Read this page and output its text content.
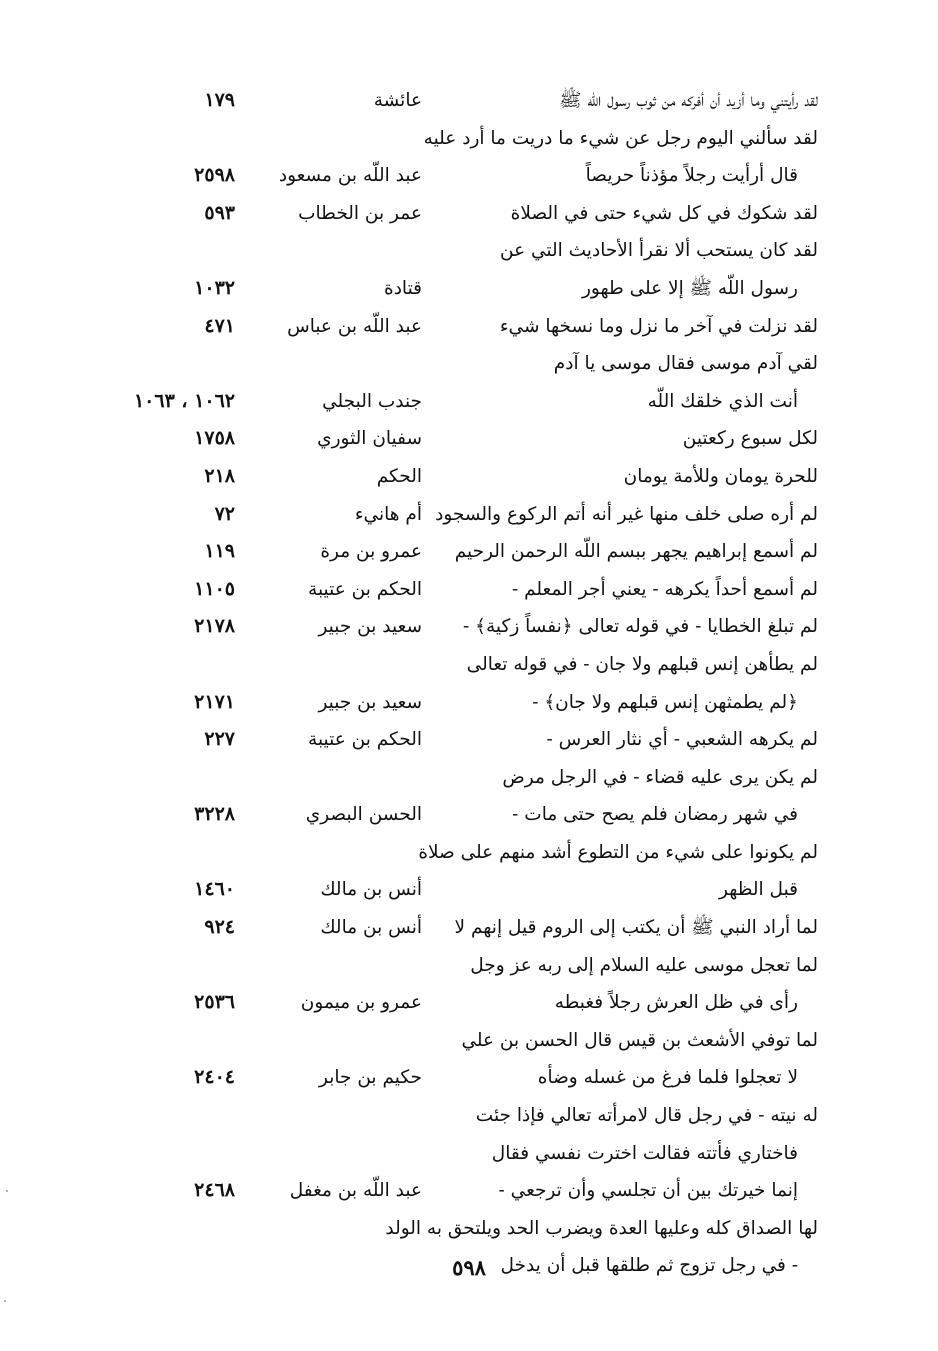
لقد رأيتني وما أزيد أن أفركه من ثوب رسول اللّه ﷺ
عائشة
١٧٩
لقد سألني اليوم رجل عن شيء ما دريت ما أرد عليه
قال أرأيت رجلاً مؤذناً حريصاً
عبد اللّه بن مسعود
٢٥٩٨
لقد شكوك في كل شيء حتى في الصلاة
عمر بن الخطاب
٥٩٣
لقد كان يستحب ألا نقرأ الأحاديث التي عن
رسول اللّه ﷺ إلا على طهور
قتادة
١٠٣٢
لقد نزلت في آخر ما نزل وما نسخها شيء
عبد اللّه بن عباس
٤٧١
لقي آدم موسى فقال موسى يا آدم
أنت الذي خلقك اللّه
جندب البجلي
١٠٦٢ ، ١٠٦٣
لكل سبوع ركعتين
سفيان الثوري
١٧٥٨
للحرة يومان وللأمة يومان
الحكم
٢١٨
لم أره صلى خلف منها غير أنه أتم الركوع والسجود
أم هانيء
٧٢
لم أسمع إبراهيم يجهر ببسم اللّه الرحمن الرحيم
عمرو بن مرة
١١٩
لم أسمع أحداً يكرهه - يعني أجر المعلم -
الحكم بن عتيبة
١١٠٥
لم تبلغ الخطايا - في قوله تعالى ﴿نفساً زكية﴾ -
سعيد بن جبير
٢١٧٨
لم يطأهن إنس قبلهم ولا جان - في قوله تعالى
﴿لم يطمثهن إنس قبلهم ولا جان﴾ -
سعيد بن جبير
٢١٧١
لم يكرهه الشعبي - أي نثار العرس -
الحكم بن عتيبة
٢٢٧
لم يكن يرى عليه قضاء - في الرجل مرض
في شهر رمضان فلم يصح حتى مات -
الحسن البصري
٣٢٢٨
لم يكونوا على شيء من التطوع أشد منهم على صلاة
قبل الظهر
أنس بن مالك
١٤٦٠
لما أراد النبي ﷺ أن يكتب إلى الروم قيل إنهم لا
أنس بن مالك
٩٢٤
لما تعجل موسى عليه السلام إلى ربه عز وجل
رأى في ظل العرش رجلاً فغبطه
عمرو بن ميمون
٢٥٣٦
لما توفي الأشعث بن قيس قال الحسن بن علي
لا تعجلوا فلما فرغ من غسله وضأه
حكيم بن جابر
٢٤٠٤
له نيته - في رجل قال لامرأته تعالي فإذا جئت
فاختاري فأتته فقالت اخترت نفسي فقال
إنما خيرتك بين أن تجلسي وأن ترجعي -
عبد اللّه بن مغفل
٢٤٦٨
لها الصداق كله وعليها العدة ويضرب الحد ويلتحق به الولد
- في رجل تزوج ثم طلقها قبل أن يدخل
٥٩٨
